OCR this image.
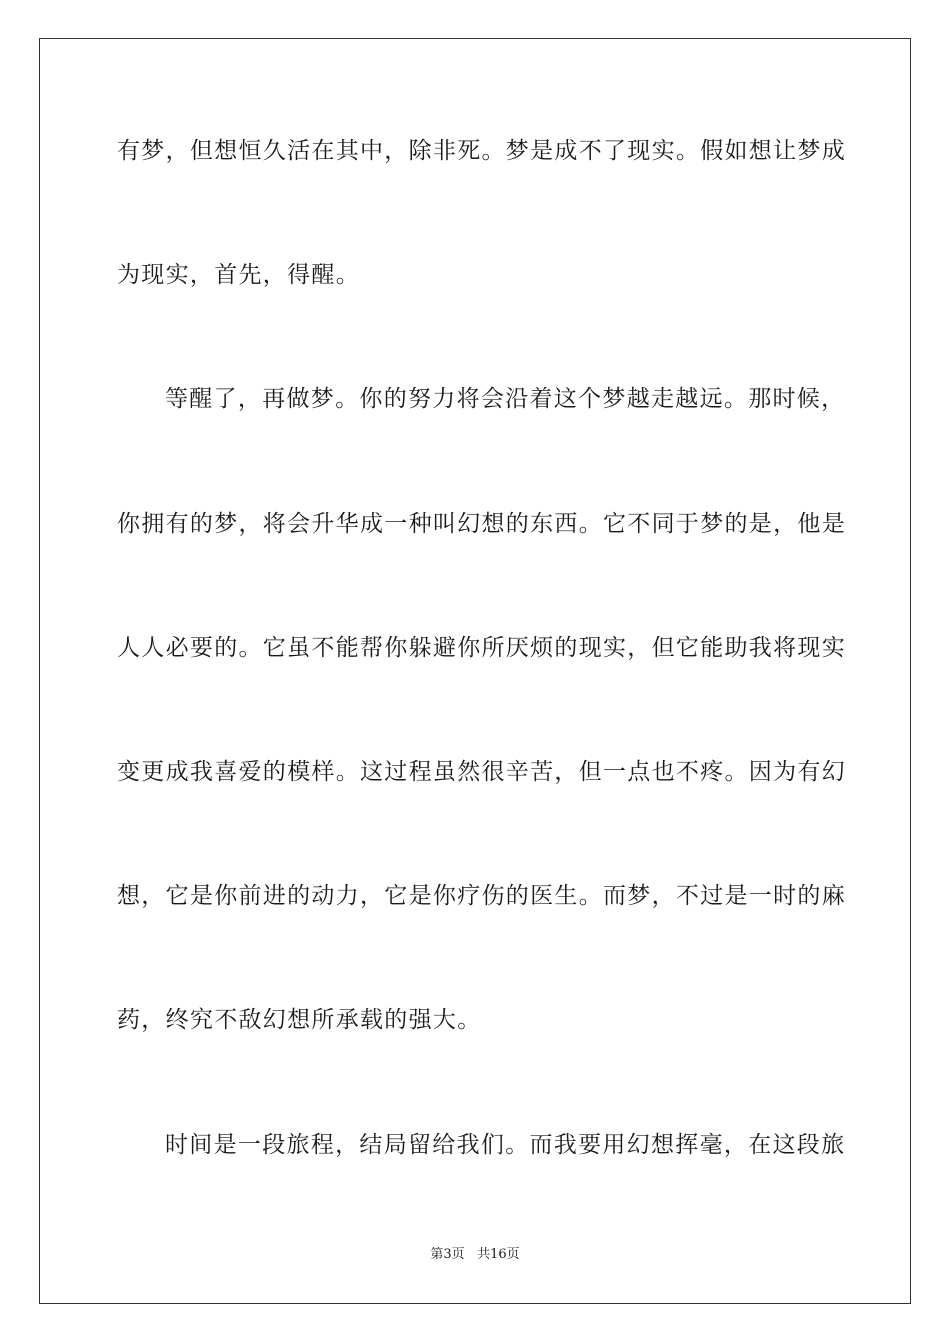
有梦，但想恒久活在其中，除非死。梦是成不了现实。假如想让梦成
为现实，首先，得醒。
等醒了，再做梦。你的努力将会沿着这个梦越走越远。那时候，
你拥有的梦，将会升华成一种叫幻想的东西。它不同于梦的是，他是
人人必要的。它虽不能帮你躲避你所厌烦的现实，但它能助我将现实
变更成我喜爱的模样。这过程虽然很辛苦，但一点也不疼。因为有幻
想，它是你前进的动力，它是你疗伤的医生。而梦，不过是一时的麻
药，终究不敌幻想所承载的强大。
时间是一段旅程，结局留给我们。而我要用幻想挥毫，在这段旅
第3页 共16页
